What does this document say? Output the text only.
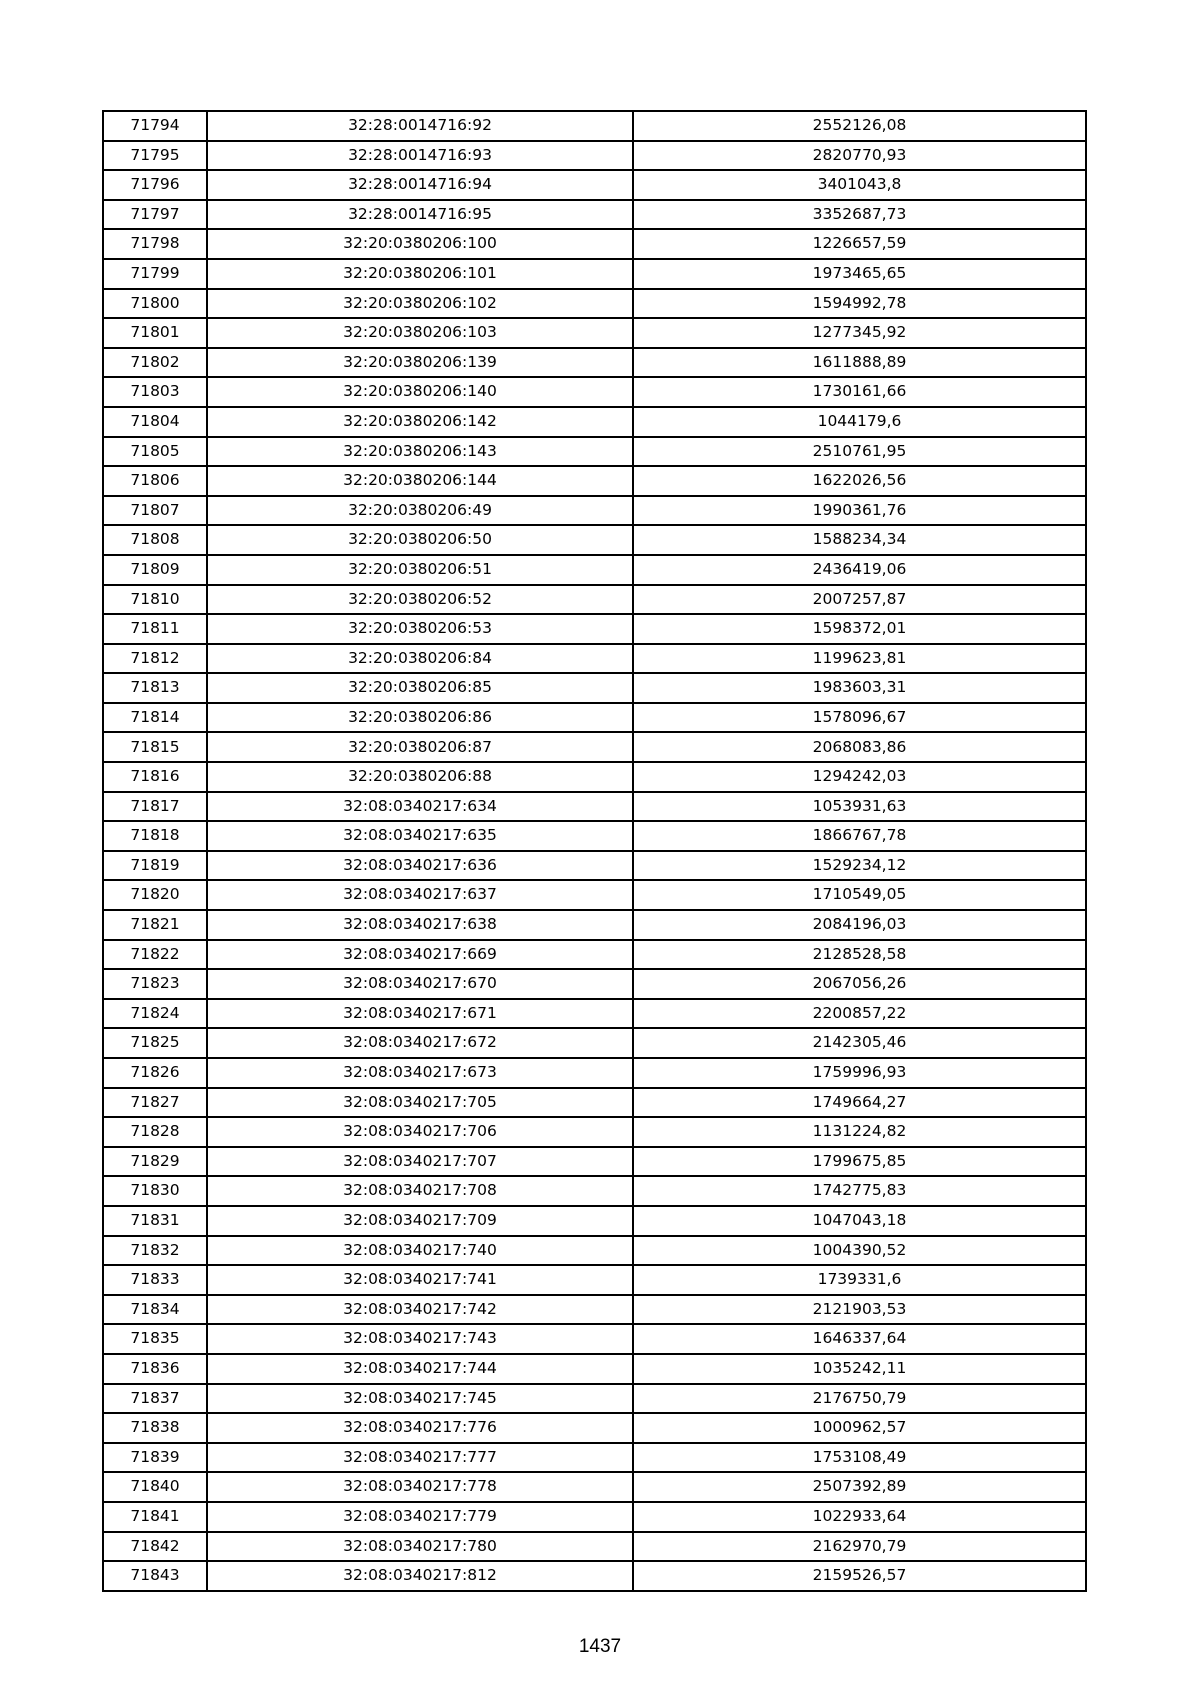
71794	32:28:0014716:92	2552126,08
71795	32:28:0014716:93	2820770,93
71796	32:28:0014716:94	3401043,8
71797	32:28:0014716:95	3352687,73
71798	32:20:0380206:100	1226657,59
71799	32:20:0380206:101	1973465,65
71800	32:20:0380206:102	1594992,78
71801	32:20:0380206:103	1277345,92
71802	32:20:0380206:139	1611888,89
71803	32:20:0380206:140	1730161,66
71804	32:20:0380206:142	1044179,6
71805	32:20:0380206:143	2510761,95
71806	32:20:0380206:144	1622026,56
71807	32:20:0380206:49	1990361,76
71808	32:20:0380206:50	1588234,34
71809	32:20:0380206:51	2436419,06
71810	32:20:0380206:52	2007257,87
71811	32:20:0380206:53	1598372,01
71812	32:20:0380206:84	1199623,81
71813	32:20:0380206:85	1983603,31
71814	32:20:0380206:86	1578096,67
71815	32:20:0380206:87	2068083,86
71816	32:20:0380206:88	1294242,03
71817	32:08:0340217:634	1053931,63
71818	32:08:0340217:635	1866767,78
71819	32:08:0340217:636	1529234,12
71820	32:08:0340217:637	1710549,05
71821	32:08:0340217:638	2084196,03
71822	32:08:0340217:669	2128528,58
71823	32:08:0340217:670	2067056,26
71824	32:08:0340217:671	2200857,22
71825	32:08:0340217:672	2142305,46
71826	32:08:0340217:673	1759996,93
71827	32:08:0340217:705	1749664,27
71828	32:08:0340217:706	1131224,82
71829	32:08:0340217:707	1799675,85
71830	32:08:0340217:708	1742775,83
71831	32:08:0340217:709	1047043,18
71832	32:08:0340217:740	1004390,52
71833	32:08:0340217:741	1739331,6
71834	32:08:0340217:742	2121903,53
71835	32:08:0340217:743	1646337,64
71836	32:08:0340217:744	1035242,11
71837	32:08:0340217:745	2176750,79
71838	32:08:0340217:776	1000962,57
71839	32:08:0340217:777	1753108,49
71840	32:08:0340217:778	2507392,89
71841	32:08:0340217:779	1022933,64
71842	32:08:0340217:780	2162970,79
71843	32:08:0340217:812	2159526,57
1437
